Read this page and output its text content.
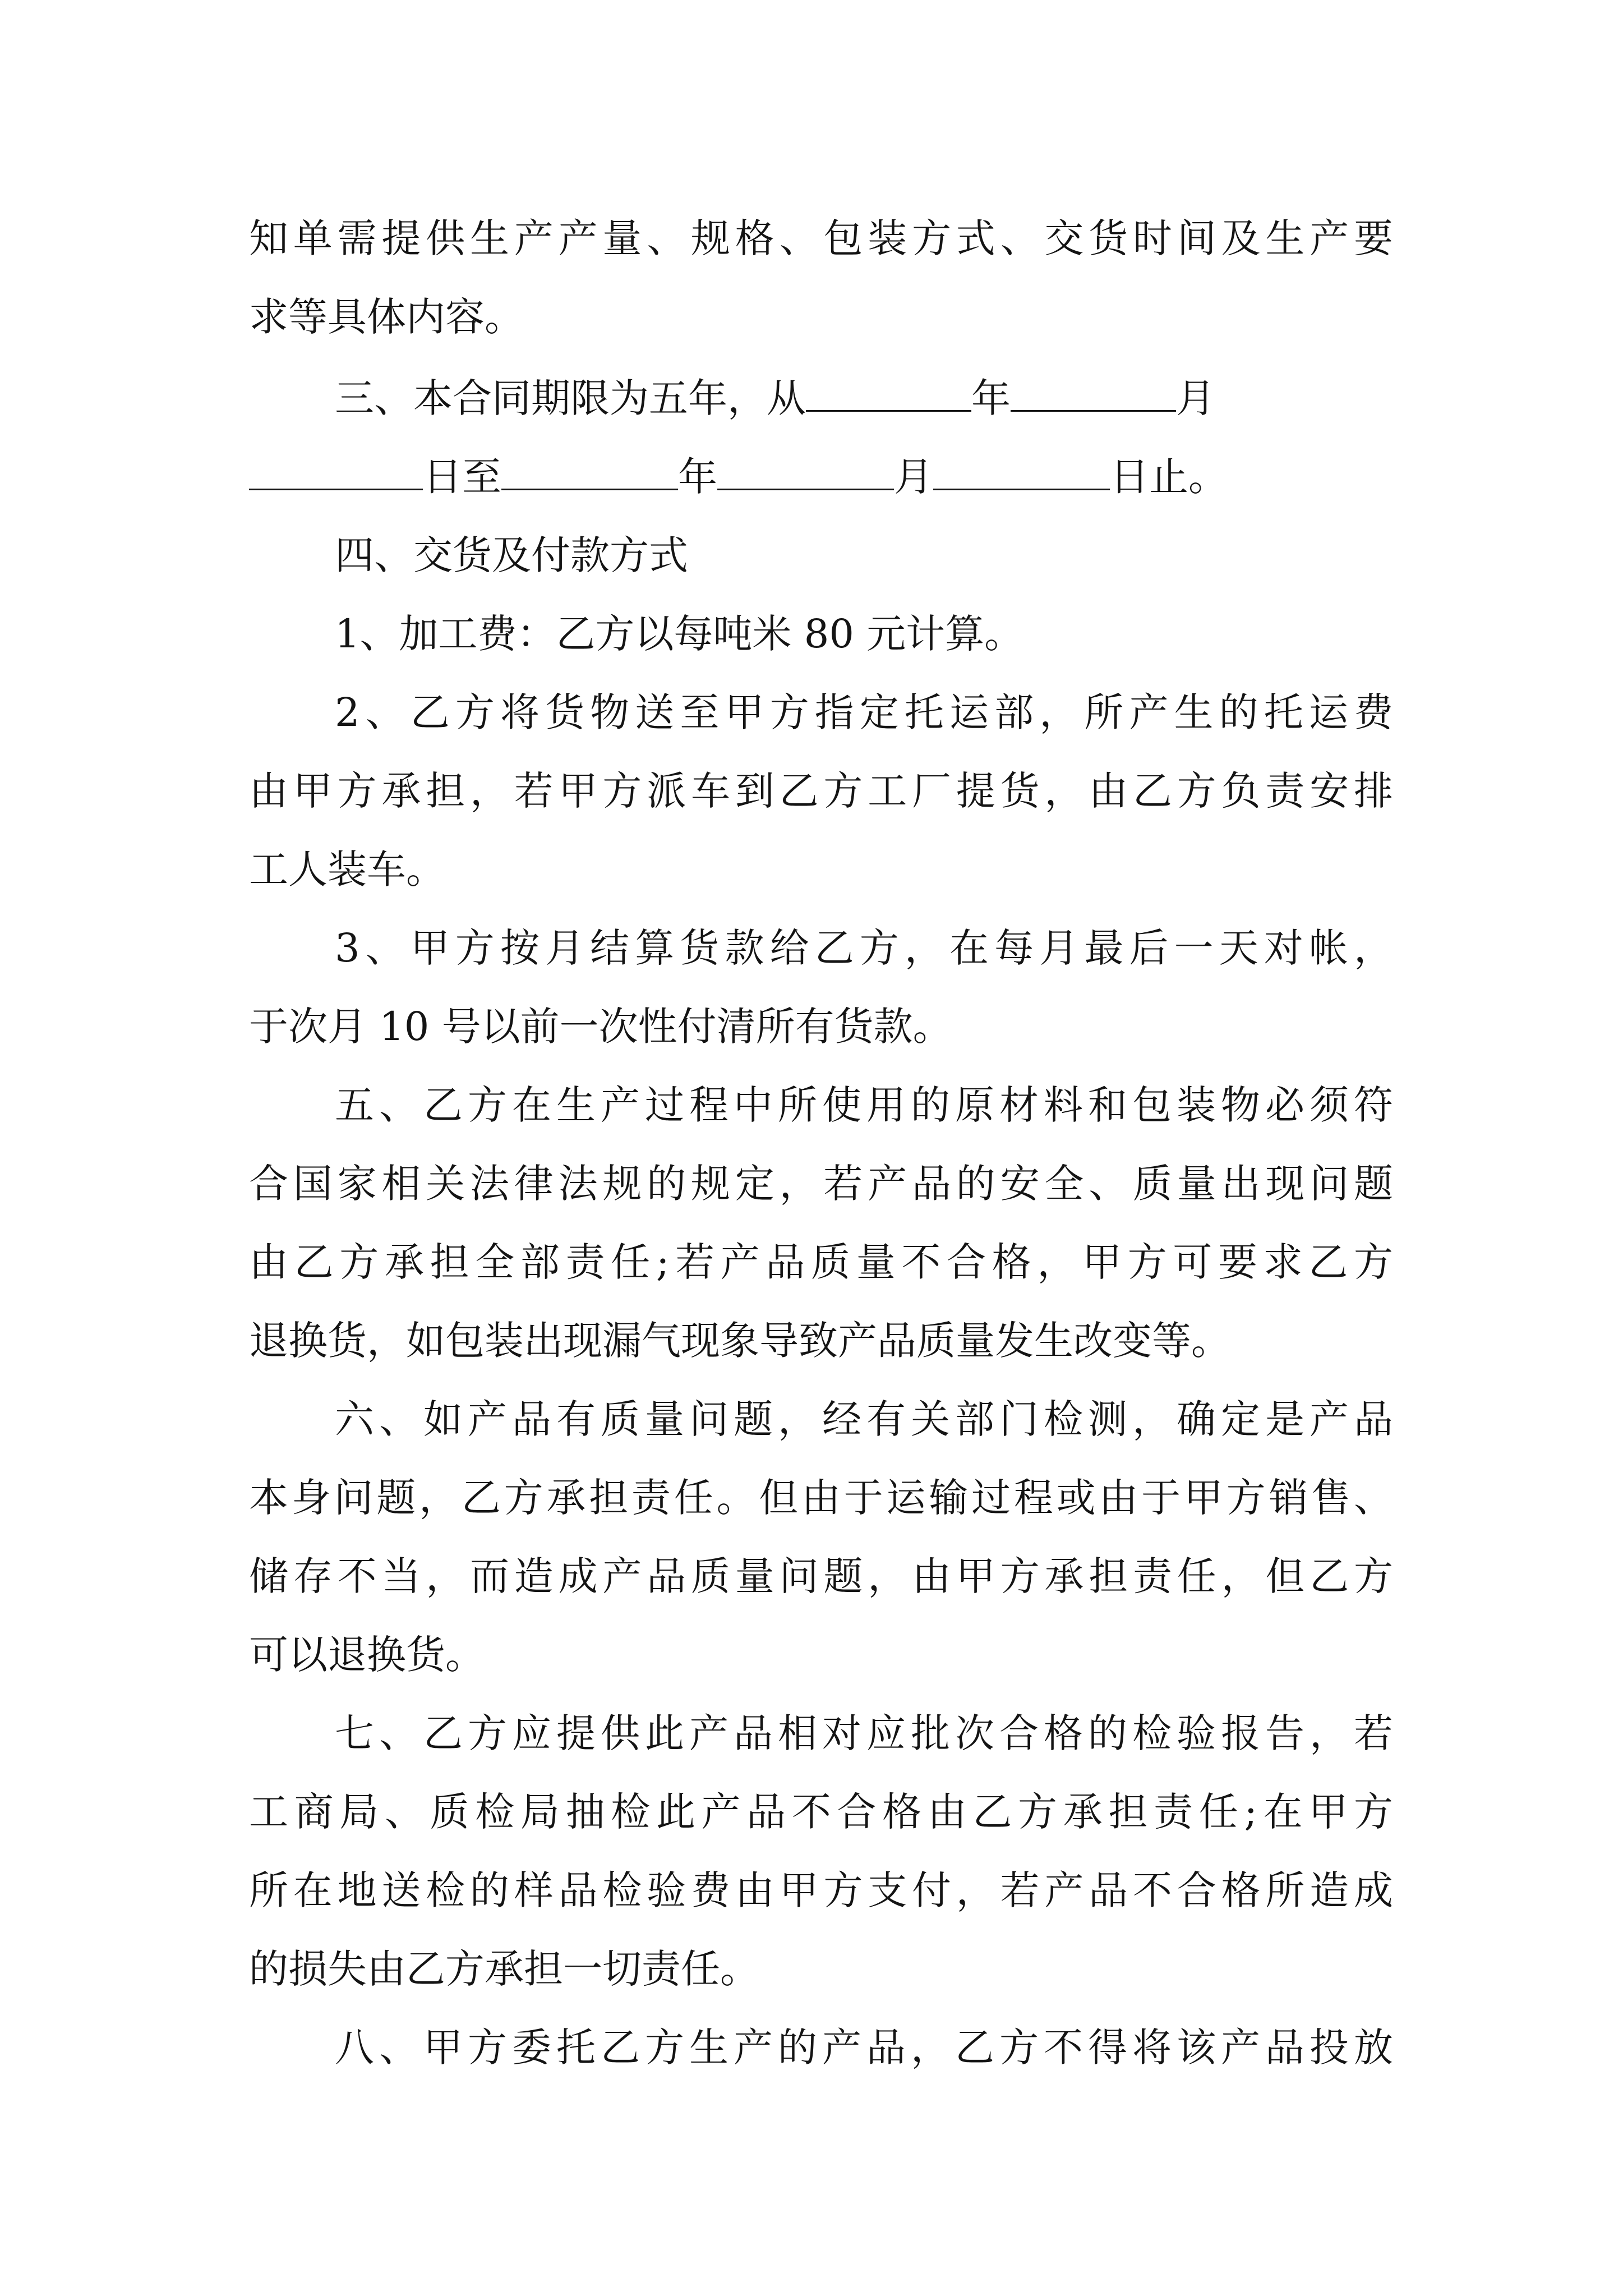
知单需提供生产产量、规格、包装方式、交货时间及生产要
求等具体内容。
三、本合同期限为五年，从	年	月
日至	年	月	日止。
四、交货及付款方式
1、加工费：乙方以每吨米 80 元计算。
2、乙方将货物送至甲方指定托运部，所产生的托运费
由甲方承担，若甲方派车到乙方工厂提货，由乙方负责安排
工人装车。
3、甲方按月结算货款给乙方，在每月最后一天对帐，
于次月 10 号以前一次性付清所有货款。
五、乙方在生产过程中所使用的原材料和包装物必须符
合国家相关法律法规的规定，若产品的安全、质量出现问题
由乙方承担全部责任;若产品质量不合格，甲方可要求乙方
退换货，如包装出现漏气现象导致产品质量发生改变等。
六、如产品有质量问题，经有关部门检测，确定是产品
本身问题，乙方承担责任。但由于运输过程或由于甲方销售、
储存不当，而造成产品质量问题，由甲方承担责任，但乙方
可以退换货。
七、乙方应提供此产品相对应批次合格的检验报告，若
工商局、质检局抽检此产品不合格由乙方承担责任;在甲方
所在地送检的样品检验费由甲方支付，若产品不合格所造成
的损失由乙方承担一切责任。
八、甲方委托乙方生产的产品，乙方不得将该产品投放
